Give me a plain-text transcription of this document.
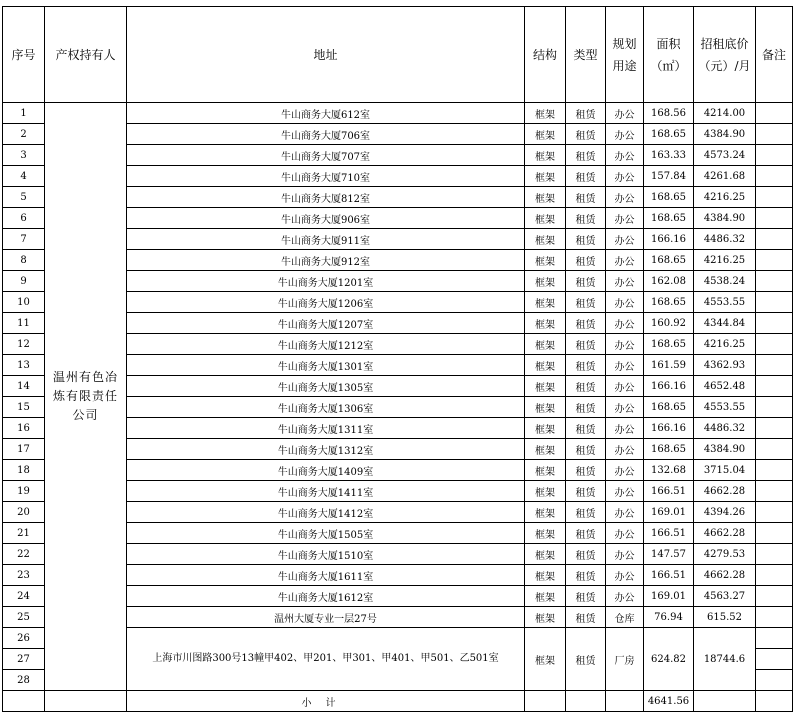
序号	产权持有人	地址	结构	类型	规划用途	面积（㎡）	招租底价（元）/月	备注
1	温州有色冶炼有限责任公司	牛山商务大厦612室	框架	租赁	办公	168.56	4214.00	
2		牛山商务大厦706室	框架	租赁	办公	168.65	4384.90	
3		牛山商务大厦707室	框架	租赁	办公	163.33	4573.24	
4		牛山商务大厦710室	框架	租赁	办公	157.84	4261.68	
5		牛山商务大厦812室	框架	租赁	办公	168.65	4216.25	
6		牛山商务大厦906室	框架	租赁	办公	168.65	4384.90	
7		牛山商务大厦911室	框架	租赁	办公	166.16	4486.32	
8		牛山商务大厦912室	框架	租赁	办公	168.65	4216.25	
9		牛山商务大厦1201室	框架	租赁	办公	162.08	4538.24	
10		牛山商务大厦1206室	框架	租赁	办公	168.65	4553.55	
11		牛山商务大厦1207室	框架	租赁	办公	160.92	4344.84	
12		牛山商务大厦1212室	框架	租赁	办公	168.65	4216.25	
13		牛山商务大厦1301室	框架	租赁	办公	161.59	4362.93	
14		牛山商务大厦1305室	框架	租赁	办公	166.16	4652.48	
15		牛山商务大厦1306室	框架	租赁	办公	168.65	4553.55	
16		牛山商务大厦1311室	框架	租赁	办公	166.16	4486.32	
17		牛山商务大厦1312室	框架	租赁	办公	168.65	4384.90	
18		牛山商务大厦1409室	框架	租赁	办公	132.68	3715.04	
19		牛山商务大厦1411室	框架	租赁	办公	166.51	4662.28	
20		牛山商务大厦1412室	框架	租赁	办公	169.01	4394.26	
21		牛山商务大厦1505室	框架	租赁	办公	166.51	4662.28	
22		牛山商务大厦1510室	框架	租赁	办公	147.57	4279.53	
23		牛山商务大厦1611室	框架	租赁	办公	166.51	4662.28	
24		牛山商务大厦1612室	框架	租赁	办公	169.01	4563.27	
25		温州大厦专业一层27号	框架	租赁	仓库	76.94	615.52	
26		上海市川图路300号13幢甲402、甲201、甲301、甲401、甲501、乙501室	框架	租赁	厂房	624.82	18744.6	
27								
28								
		小计				4641.56		
